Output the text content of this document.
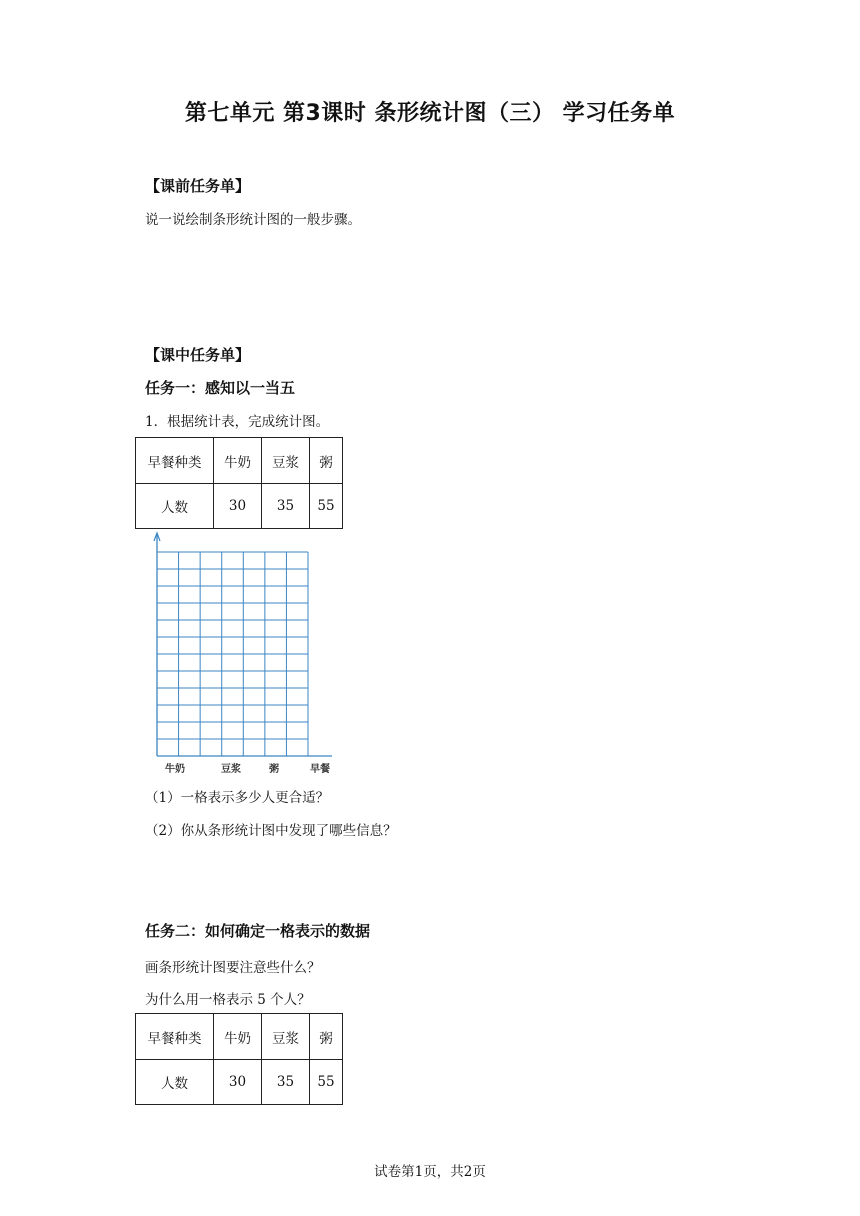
第七单元 第3课时 条形统计图（三） 学习任务单
【课前任务单】
说一说绘制条形统计图的一般步骤。
【课中任务单】
任务一：感知以一当五
1．根据统计表，完成统计图。
早餐种类	牛奶	豆浆	粥
人数	30	35	55
牛奶	豆浆	粥	早餐
（1）一格表示多少人更合适？
（2）你从条形统计图中发现了哪些信息？
任务二：如何确定一格表示的数据
画条形统计图要注意些什么？
为什么用一格表示 5 个人？
早餐种类	牛奶	豆浆	粥
人数	30	35	55
试卷第1页，共2页
